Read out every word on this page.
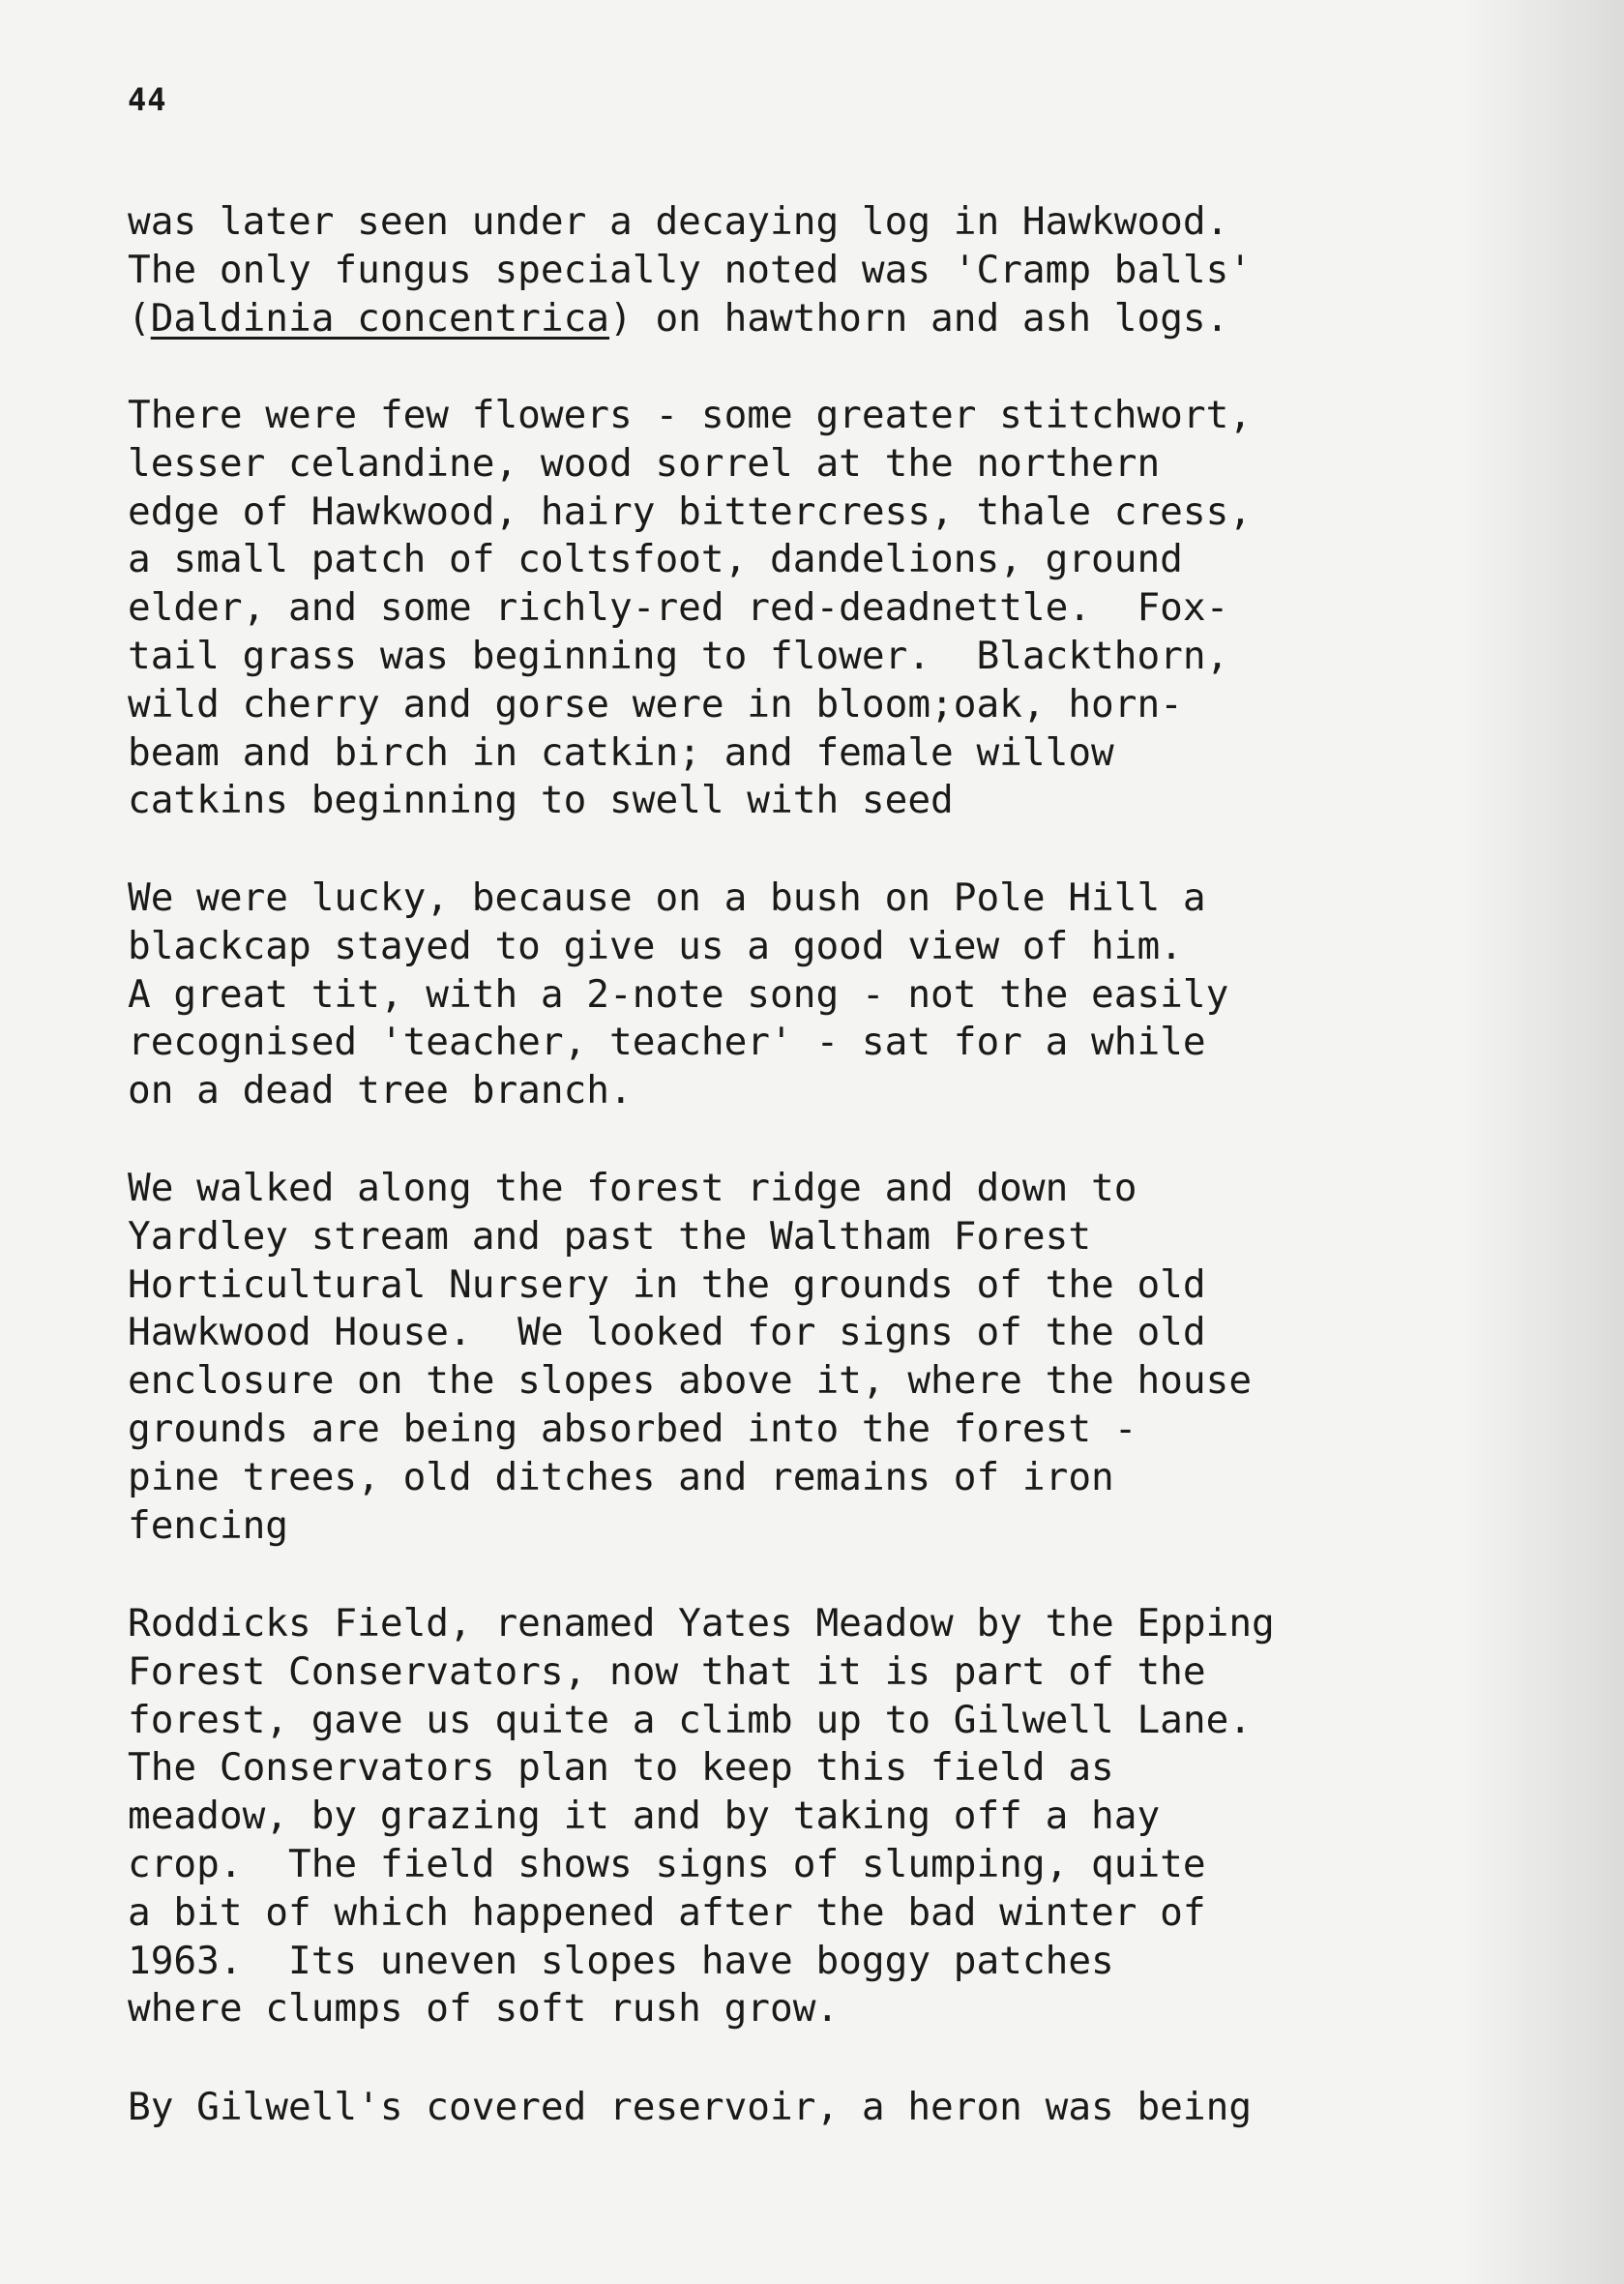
44
was later seen under a decaying log in Hawkwood.
The only fungus specially noted was 'Cramp balls'
(Daldinia concentrica) on hawthorn and ash logs.
There were few flowers - some greater stitchwort,
lesser celandine, wood sorrel at the northern
edge of Hawkwood, hairy bittercress, thale cress,
a small patch of coltsfoot, dandelions, ground
elder, and some richly-red red-deadnettle.  Fox-
tail grass was beginning to flower.  Blackthorn,
wild cherry and gorse were in bloom;oak, horn-
beam and birch in catkin; and female willow
catkins beginning to swell with seed
We were lucky, because on a bush on Pole Hill a
blackcap stayed to give us a good view of him.
A great tit, with a 2-note song - not the easily
recognised 'teacher, teacher' - sat for a while
on a dead tree branch.
We walked along the forest ridge and down to
Yardley stream and past the Waltham Forest
Horticultural Nursery in the grounds of the old
Hawkwood House.  We looked for signs of the old
enclosure on the slopes above it, where the house
grounds are being absorbed into the forest -
pine trees, old ditches and remains of iron
fencing
Roddicks Field, renamed Yates Meadow by the Epping
Forest Conservators, now that it is part of the
forest, gave us quite a climb up to Gilwell Lane.
The Conservators plan to keep this field as
meadow, by grazing it and by taking off a hay
crop.  The field shows signs of slumping, quite
a bit of which happened after the bad winter of
1963.  Its uneven slopes have boggy patches
where clumps of soft rush grow.
By Gilwell's covered reservoir, a heron was being
